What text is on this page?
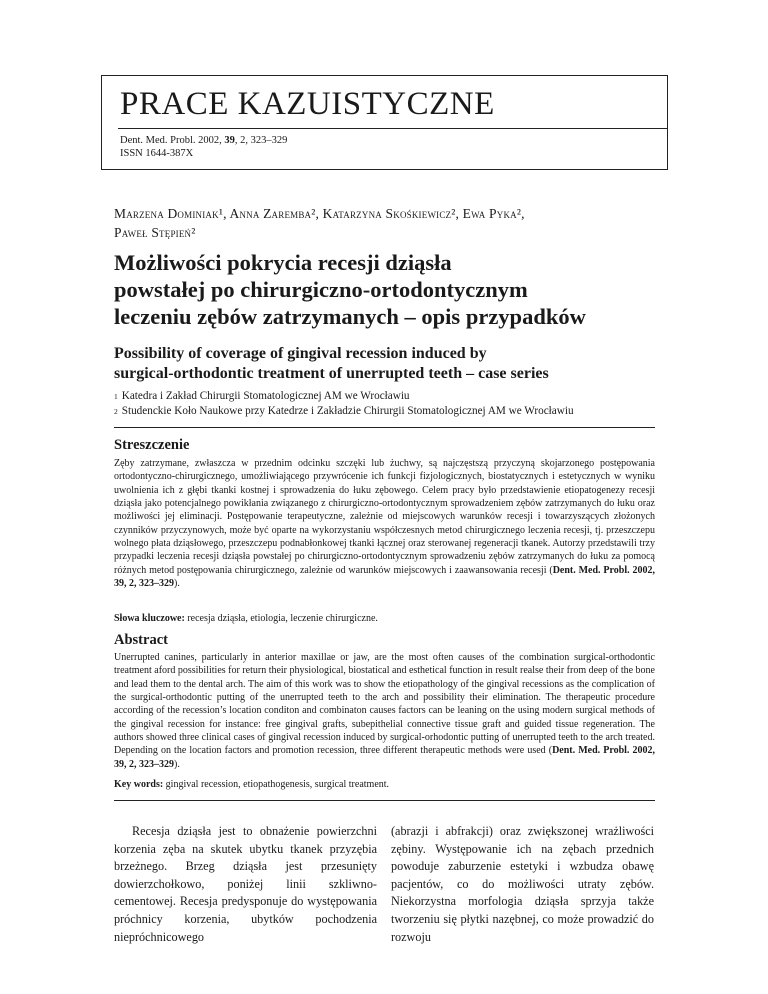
PRACE KAZUISTYCZNE
Dent. Med. Probl. 2002, 39, 2, 323–329
ISSN 1644-387X
Marzena Dominiak¹, Anna Zaremba², Katarzyna Skośkiewicz², Ewa Pyka²,
Paweł Stępień²
Możliwości pokrycia recesji dziąsła
powstałej po chirurgiczno-ortodontycznym
leczeniu zębów zatrzymanych – opis przypadków
Possibility of coverage of gingival recession induced by
surgical-orthodontic treatment of unerrupted teeth – case series
$^1$ Katedra i Zakład Chirurgii Stomatologicznej AM we Wrocławiu
$^2$ Studenckie Koło Naukowe przy Katedrze i Zakładzie Chirurgii Stomatologicznej AM we Wrocławiu
Streszczenie

Zęby zatrzymane, zwłaszcza w przednim odcinku szczęki lub żuchwy, są najczęstszą przyczyną skojarzonego postępowania ortodontyczno-chirurgicznego, umożliwiającego przywrócenie ich funkcji fizjologicznych, biostatycznych i estetycznych w wyniku uwolnienia ich z głębi tkanki kostnej i sprowadzenia do łuku zębowego. Celem pracy było przedstawienie etiopatogenezy recesji dziąsła jako potencjalnego powikłania związanego z chirurgiczno-ortodontycznym sprowadzeniem zębów zatrzymanych do łuku oraz możliwości jej eliminacji. Postępowanie terapeutyczne, zależnie od miejscowych warunków recesji i towarzyszących złożonych czynników przyczynowych, może być oparte na wykorzystaniu współczesnych metod chirurgicznego leczenia recesji, tj. przeszczepu wolnego płata dziąsłowego, przeszczepu podnabłonkowej tkanki łącznej oraz sterowanej regeneracji tkanek. Autorzy przedstawili trzy przypadki leczenia recesji dziąsła powstałej po chirurgiczno-ortodontycznym sprowadzeniu zębów zatrzymanych do łuku za pomocą różnych metod postępowania chirurgicznego, zależnie od warunków miejscowych i zaawansowania recesji (Dent. Med. Probl. 2002, 39, 2, 323–329).

Słowa kluczowe: recesja dziąsła, etiologia, leczenie chirurgiczne.
Abstract

Unerrupted canines, particularly in anterior maxillae or jaw, are the most often causes of the combination surgical-orthodontic treatment aford possibilities for return their physiological, biostatical and esthetical function in result realse their from deep of the bone and lead them to the dental arch. The aim of this work was to show the etiopathology of the gingival recessions as the complication of the surgical-orthodontic putting of the unerrupted teeth to the arch and possibility their elimination. The therapeutic procedure according of the recession’s location conditon and combinaton causes factors can be leaning on the using modern surgical methods of the gingival recession for instance: free gingival grafts, subepithelial connective tissue graft and guided tissue regeneration. The authors showed three clinical cases of gingival recession induced by surgical-orhodontic putting of unerrupted teeth to the arch treated. Depending on the location factors and promotion recession, three different therapeutic methods were used (Dent. Med. Probl. 2002, 39, 2, 323–329).

Key words: gingival recession, etiopathogenesis, surgical treatment.

Recesja dziąsła jest to obnażenie powierzchni korzenia zęba na skutek ubytku tkanek przyzębia brzeżnego. Brzeg dziąsła jest przesunięty dowierzchołkowo, poniżej linii szkliwno-cementowej. Recesja predysponuje do występowania próchnicy korzenia, ubytków pochodzenia niepróchnicowego

(abrazji i abfrakcji) oraz zwiększonej wrażliwości zębiny. Występowanie ich na zębach przednich powoduje zaburzenie estetyki i wzbudza obawę pacjentów, co do możliwości utraty zębów. Niekorzystna morfologia dziąsła sprzyja także tworzeniu się płytki nazębnej, co może prowadzić do rozwoju
